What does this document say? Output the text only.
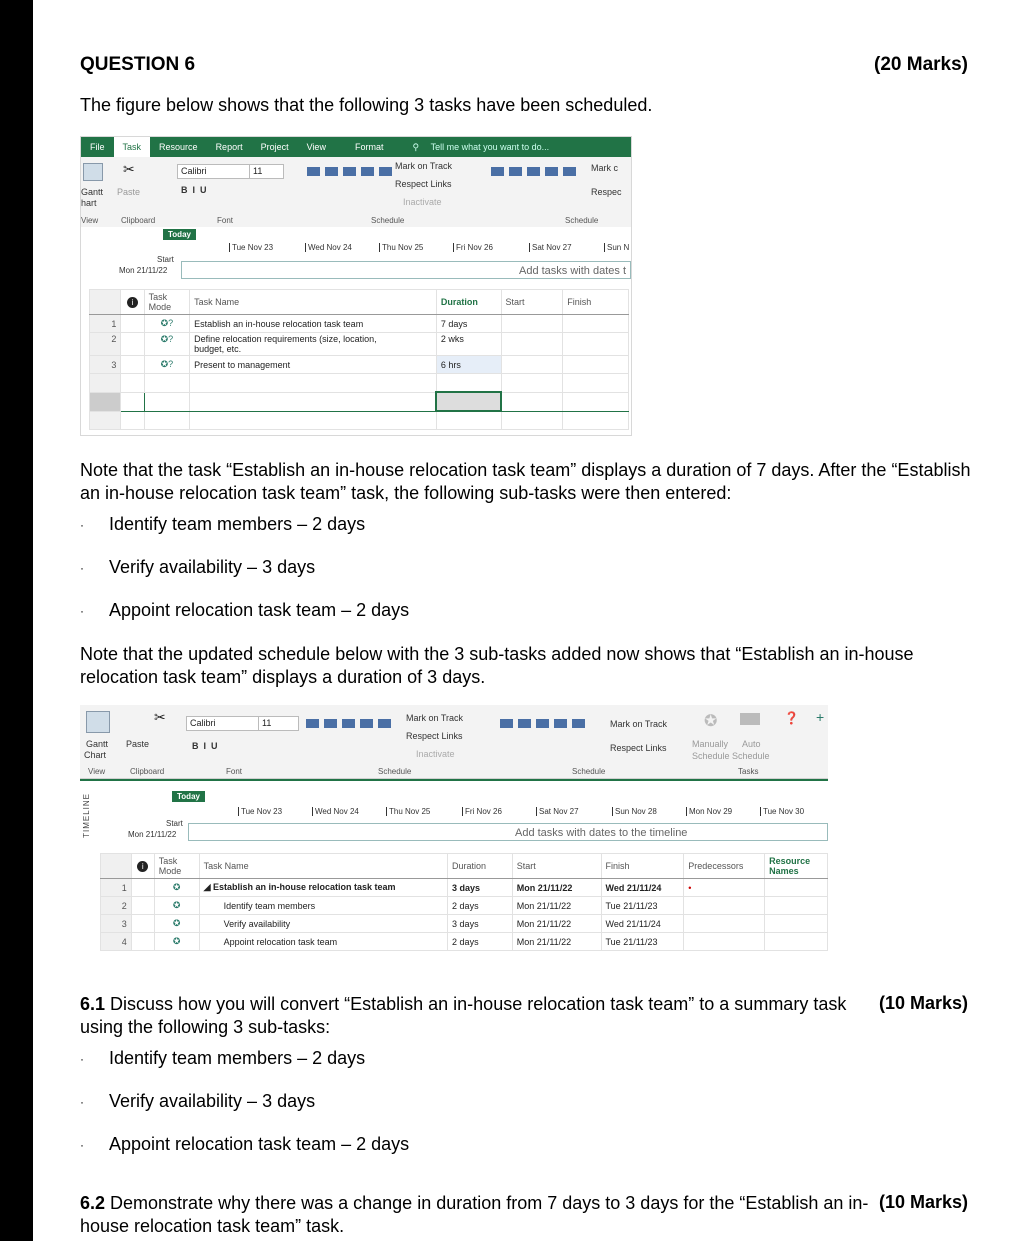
QUESTION 6	(20 Marks)
The figure below shows that the following 3 tasks have been scheduled.
File	Task	Resource	Report	Project	View	Format	⚲ Tell me what you want to do...
Gantt
hart
View
✂
Paste
Calibri	11
B  I  U
Mark on Track
Respect Links
Inactivate
Mark c
Respec
Clipboard	Font	Schedule	Schedule
Today
Tue Nov 23	Wed Nov 24	Thu Nov 25	Fri Nov 26	Sat Nov 27	Sun N
Start
Mon 21/11/22	Add tasks with dates t
	i	Task Mode	Task Name	Duration	Start	Finish
1		✪?	Establish an in-house relocation task team	7 days		
2		✪?	Define relocation requirements (size, location,
budget, etc.	2 wks		
3		✪?	Present to management	6 hrs		

Note that the task “Establish an in-house relocation task team” displays a duration of 7 days. After the “Establish an in-house relocation task team” task, the following sub-tasks were then entered:
· Identify team members – 2 days
· Verify availability – 3 days
· Appoint relocation task team – 2 days
Note that the updated schedule below with the 3 sub-tasks added now shows that “Establish an in-house relocation task team” displays a duration of 3 days.
Gantt
Chart
✂
Paste
Calibri	11
B  I  U
Mark on Track
Respect Links
Inactivate
Mark on Track
Respect Links
✪
Manually Auto
Schedule Schedule
❓ +
View	Clipboard	Font	Schedule	Schedule	Tasks
TIMELINE	Today
Tue Nov 23	Wed Nov 24	Thu Nov 25	Fri Nov 26	Sat Nov 27	Sun Nov 28	Mon Nov 29	Tue Nov 30
Start
Mon 21/11/22	Add tasks with dates to the timeline
	i	Task Mode	Task Name	Duration	Start	Finish	Predecessors	Resource Names
1		✪	◢ Establish an in-house relocation task team	3 days	Mon 21/11/22	Wed 21/11/24	•	
2		✪	Identify team members	2 days	Mon 21/11/22	Tue 21/11/23		
3		✪	Verify availability	3 days	Mon 21/11/22	Wed 21/11/24		
4		✪	Appoint relocation task team	2 days	Mon 21/11/22	Tue 21/11/23		
6.1 Discuss how you will convert “Establish an in-house relocation task team” to a summary task using the following 3 sub-tasks:
(10 Marks)
· Identify team members – 2 days
· Verify availability – 3 days
· Appoint relocation task team – 2 days
6.2 Demonstrate why there was a change in duration from 7 days to 3 days for the “Establish an in-house relocation task team” task.
(10 Marks)
